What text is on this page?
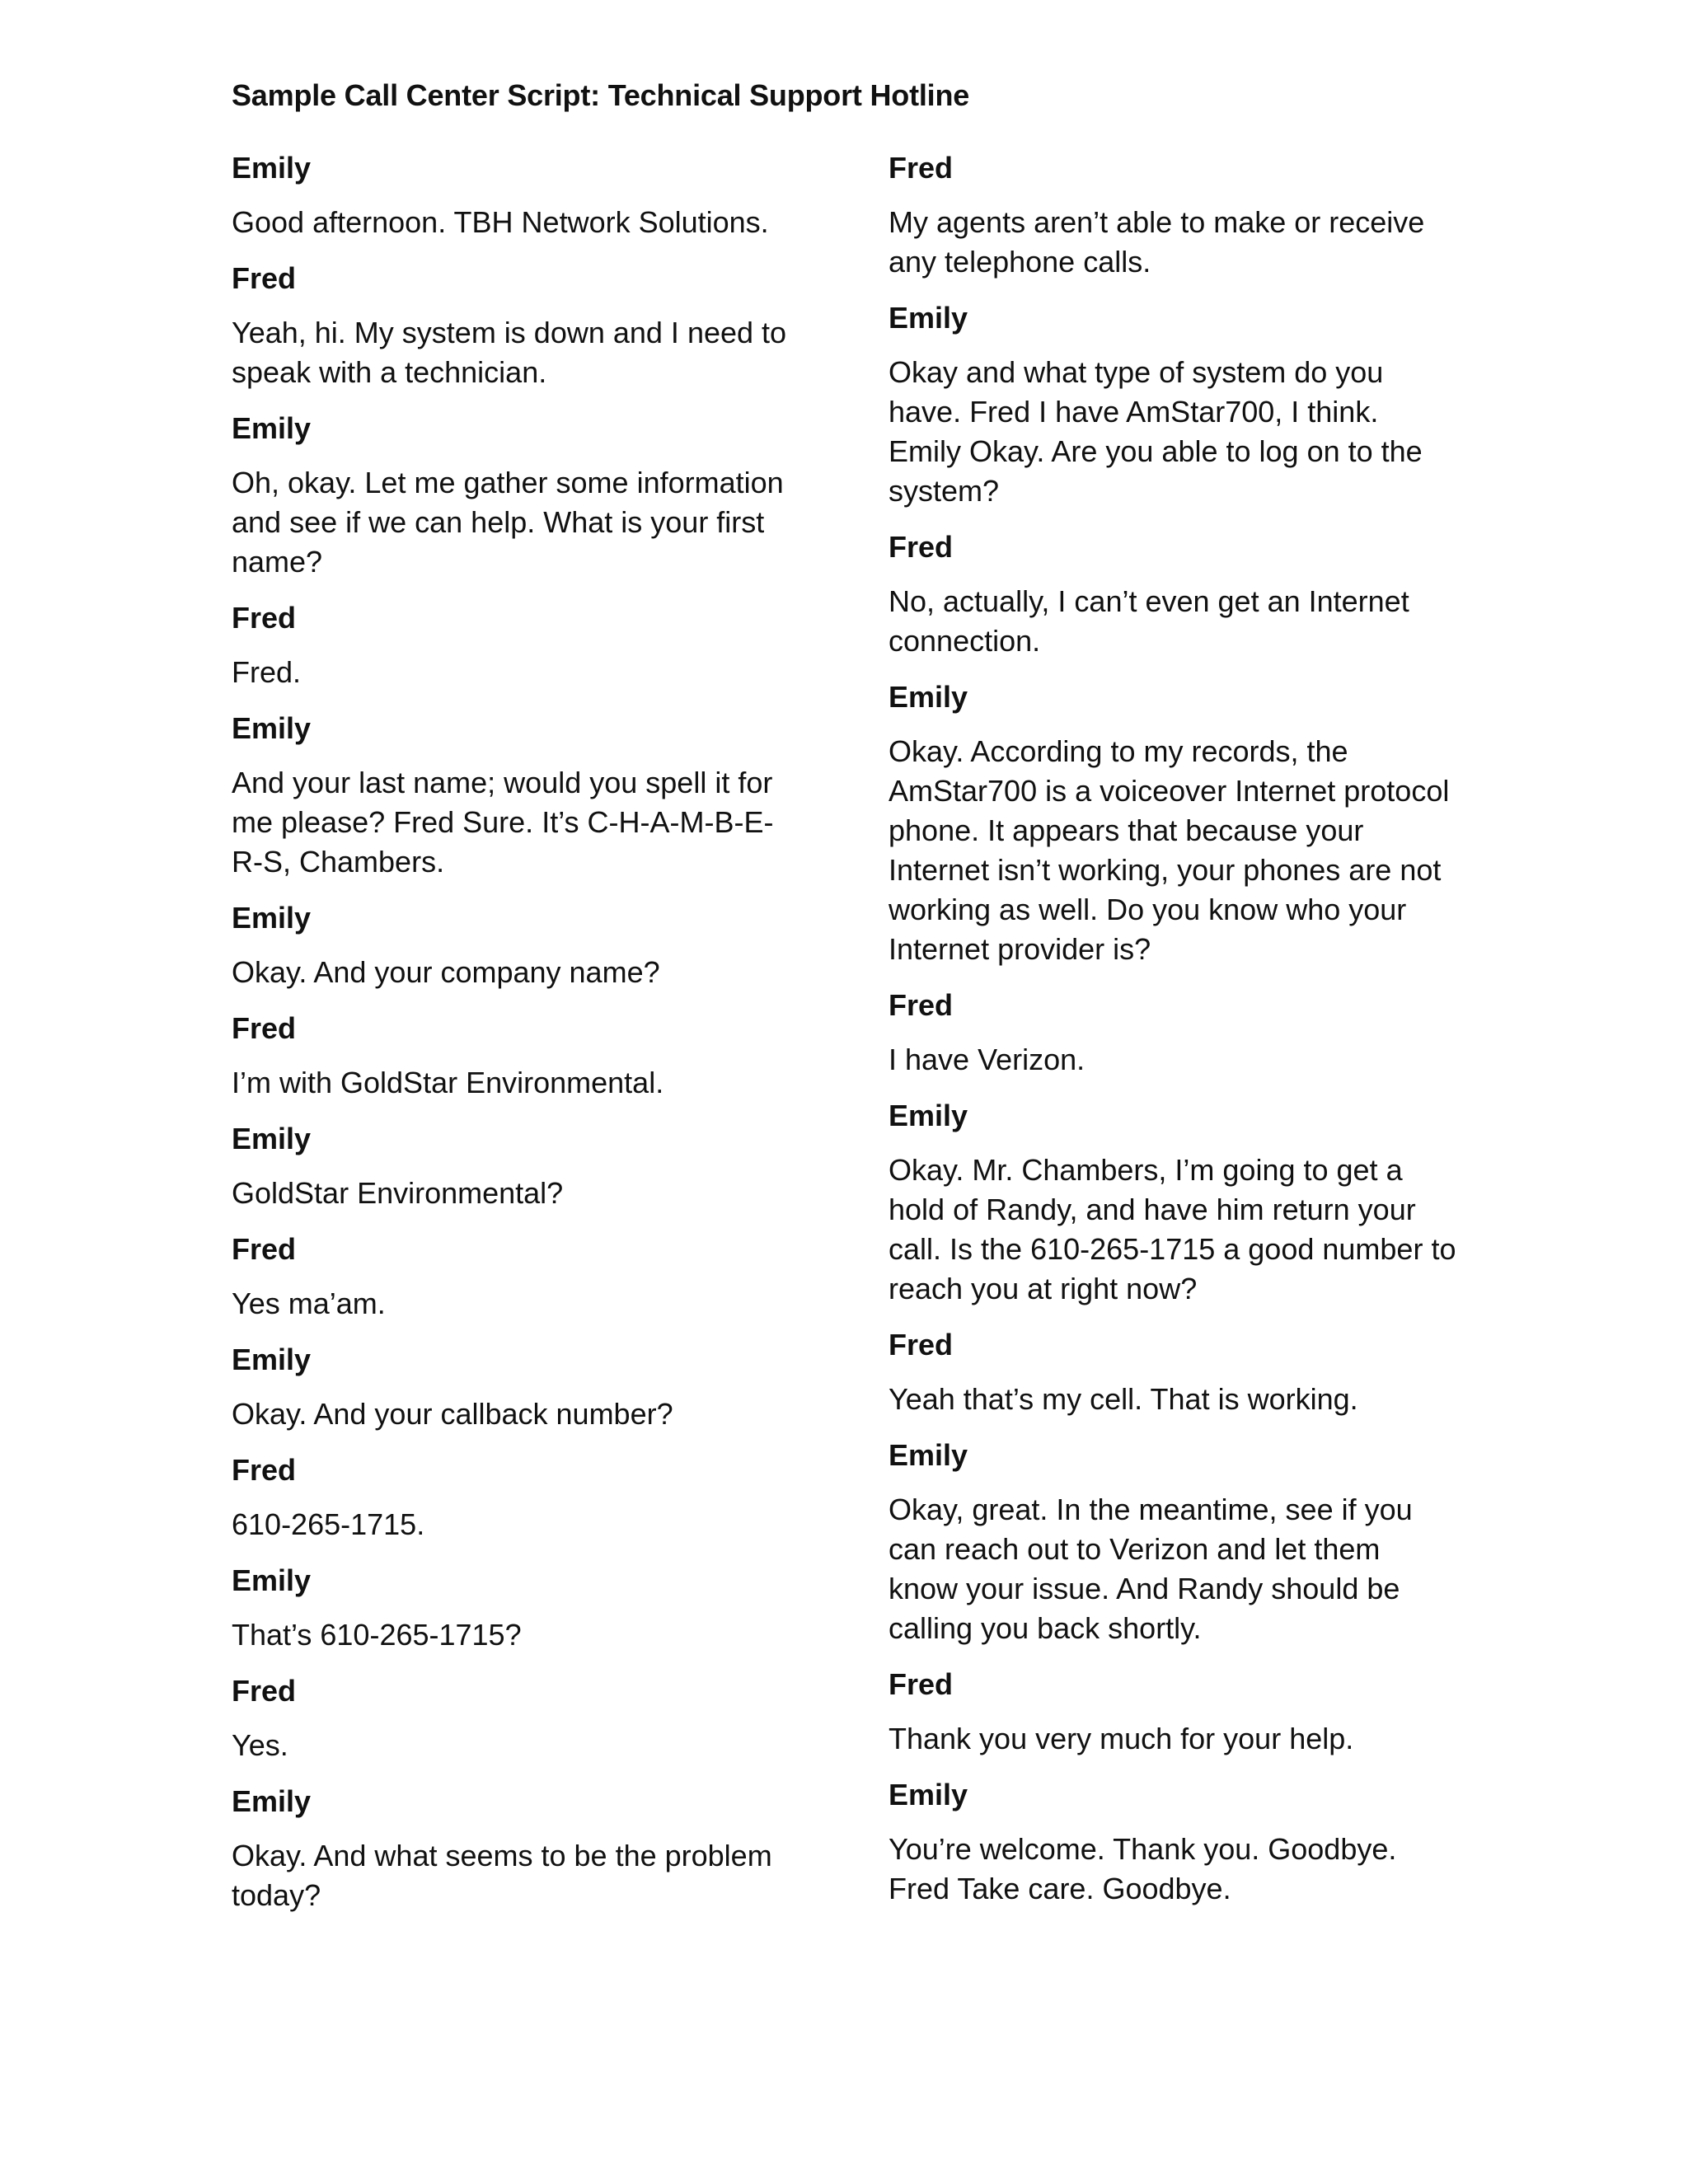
Sample Call Center Script: Technical Support Hotline
Emily

Good afternoon. TBH Network Solutions.

Fred

Yeah, hi. My system is down and I need to speak with a technician.

Emily

Oh, okay. Let me gather some information and see if we can help. What is your first name?

Fred

Fred.

Emily

And your last name; would you spell it for me please? Fred Sure. It’s C-H-A-M-B-E-R-S, Chambers.

Emily

Okay. And your company name?

Fred

I’m with GoldStar Environmental.

Emily

GoldStar Environmental?

Fred

Yes ma’am.

Emily

Okay. And your callback number?

Fred

610-265-1715.

Emily

That’s 610-265-1715?

Fred

Yes.

Emily

Okay. And what seems to be the problem today?

Fred

My agents aren’t able to make or receive any telephone calls.

Emily

Okay and what type of system do you have. Fred I have AmStar700, I think. Emily Okay. Are you able to log on to the system?

Fred

No, actually, I can’t even get an Internet connection.

Emily

Okay. According to my records, the AmStar700 is a voiceover Internet protocol phone. It appears that because your Internet isn’t working, your phones are not working as well. Do you know who your Internet provider is?

Fred

I have Verizon.

Emily

Okay. Mr. Chambers, I’m going to get a hold of Randy, and have him return your call. Is the 610-265-1715 a good number to reach you at right now?

Fred

Yeah that’s my cell. That is working.

Emily

Okay, great. In the meantime, see if you can reach out to Verizon and let them know your issue. And Randy should be calling you back shortly.

Fred

Thank you very much for your help.

Emily

You’re welcome. Thank you. Goodbye. Fred Take care. Goodbye.
